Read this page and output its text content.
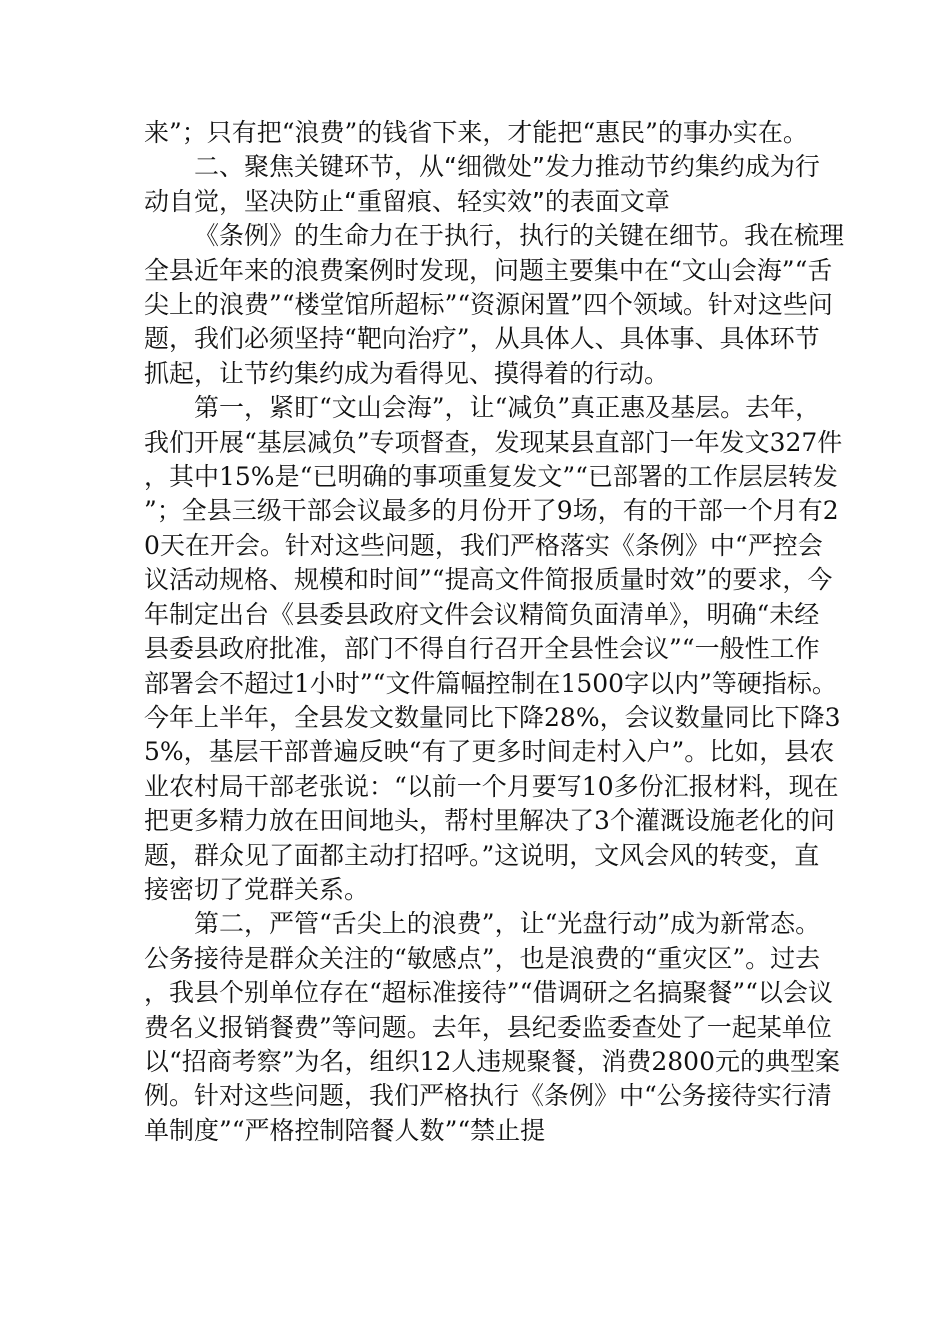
来”；只有把“浪费”的钱省下来，才能把“惠民”的事办实在。

二、聚焦关键环节，从“细微处”发力推动节约集约成为行动自觉，坚决防止“重留痕、轻实效”的表面文章

《条例》的生命力在于执行，执行的关键在细节。我在梳理全县近年来的浪费案例时发现，问题主要集中在“文山会海”“舌尖上的浪费”“楼堂馆所超标”“资源闲置”四个领域。针对这些问题，我们必须坚持“靶向治疗”，从具体人、具体事、具体环节抓起，让节约集约成为看得见、摸得着的行动。

第一，紧盯“文山会海”，让“减负”真正惠及基层。去年，我们开展“基层减负”专项督查，发现某县直部门一年发文327件，其中15%是“已明确的事项重复发文”“已部署的工作层层转发”；全县三级干部会议最多的月份开了9场，有的干部一个月有20天在开会。针对这些问题，我们严格落实《条例》中“严控会议活动规格、规模和时间”“提高文件简报质量时效”的要求，今年制定出台《县委县政府文件会议精简负面清单》，明确“未经县委县政府批准，部门不得自行召开全县性会议”“一般性工作部署会不超过1小时”“文件篇幅控制在1500字以内”等硬指标。今年上半年，全县发文数量同比下降28%，会议数量同比下降35%，基层干部普遍反映“有了更多时间走村入户”。比如，县农业农村局干部老张说：“以前一个月要写10多份汇报材料，现在把更多精力放在田间地头，帮村里解决了3个灌溉设施老化的问题，群众见了面都主动打招呼。”这说明，文风会风的转变，直接密切了党群关系。

第二，严管“舌尖上的浪费”，让“光盘行动”成为新常态。公务接待是群众关注的“敏感点”，也是浪费的“重灾区”。过去，我县个别单位存在“超标准接待”“借调研之名搞聚餐”“以会议费名义报销餐费”等问题。去年，县纪委监委查处了一起某单位以“招商考察”为名，组织12人违规聚餐，消费2800元的典型案例。针对这些问题，我们严格执行《条例》中“公务接待实行清单制度”“严格控制陪餐人数”“禁止提
